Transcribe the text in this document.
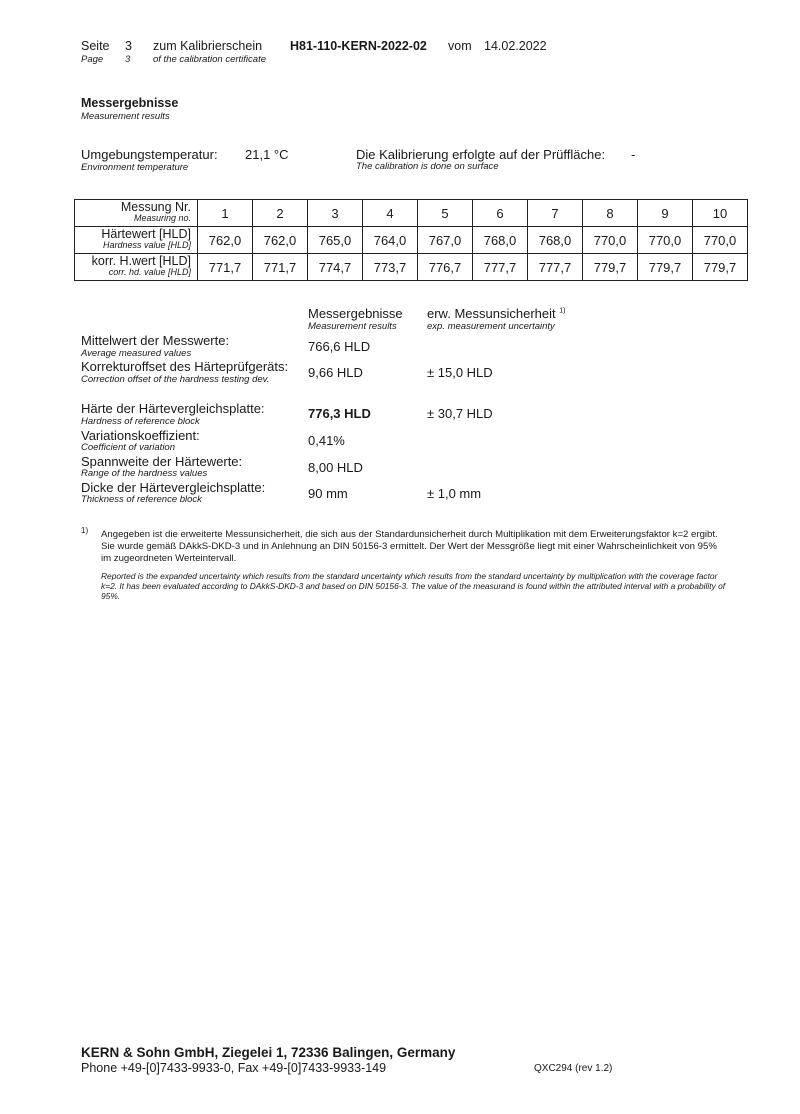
Seite 3 zum Kalibrierschein H81-110-KERN-2022-02 vom 14.02.2022
Page 3 of the calibration certificate
Messergebnisse
Measurement results
Umgebungstemperatur:
Environment temperature
21,1 °C	Die Kalibrierung erfolgte auf der Prüffläche:
The calibration is done on surface
-
Messung Nr.
Measuring no.	1	2	3	4	5	6	7	8	9	10

Härtewert [HLD]
Hardness value [HLD]	762,0	762,0	765,0	764,0	767,0	768,0	768,0	770,0	770,0	770,0

korr. H.wert [HLD]
corr. hd. value [HLD]	771,7	771,7	774,7	773,7	776,7	777,7	777,7	779,7	779,7	779,7
Messergebnisse
Measurement results
erw. Messunsicherheit $^{1)}$
exp. measurement uncertainty
Mittelwert der Messwerte:
Average measured values	766,6 HLD
Korrekturoffset des Härteprüfgeräts:
Correction offset of the hardness testing dev.	9,66 HLD	± 15,0 HLD
Härte der Härtevergleichsplatte:
Hardness of reference block
776,3 HLD	± 30,7 HLD
Variationskoeffizient:
Coefficient of variation	0,41%
Spannweite der Härtewerte:
Range of the hardness values	8,00 HLD
Dicke der Härtevergleichsplatte:
Thickness of reference block	90 mm	± 1,0 mm
1) Angegeben ist die erweiterte Messunsicherheit, die sich aus der Standardunsicherheit durch Multiplikation mit dem Erweiterungsfaktor k=2 ergibt. Sie wurde gemäß DAkkS-DKD-3 und in Anlehnung an DIN 50156-3 ermittelt. Der Wert der Messgröße liegt mit einer Wahrscheinlichkeit von 95% im zugeordneten Werteintervall.
Reported is the expanded uncertainty which results from the standard uncertainty which results from the standard uncertainty by multiplication with the coverage factor k=2. It has been evaluated according to DAkkS-DKD-3 and based on DIN 50156-3. The value of the measurand is found within the attributed interval with a probability of 95%.
KERN & Sohn GmbH, Ziegelei 1, 72336 Balingen, Germany
Phone +49-[0]7433-9933-0, Fax +49-[0]7433-9933-149	QXC294 (rev 1.2)
